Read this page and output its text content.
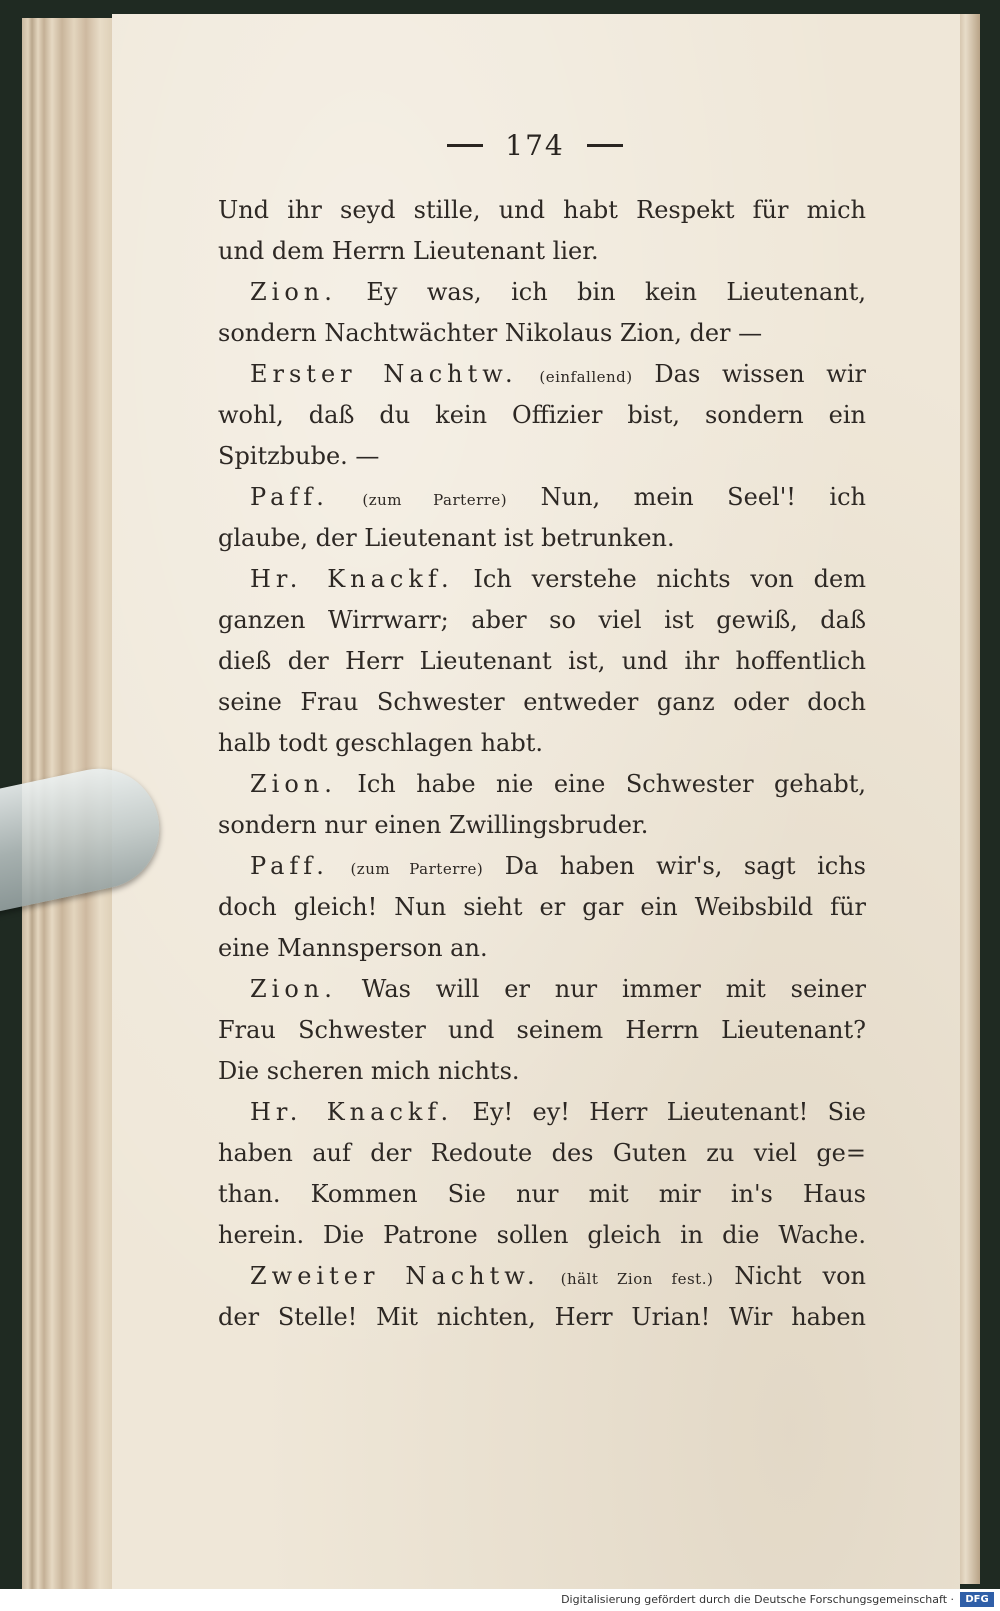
174
Und ihr seyd stille, und habt Respekt für mich
und dem Herrn Lieutenant lier.
Zion. Ey was, ich bin kein Lieutenant,
sondern Nachtwächter Nikolaus Zion, der —
Erster Nachtw. (einfallend) Das wissen wir
wohl, daß du kein Offizier bist, sondern ein
Spitzbube. —
Paff. (zum Parterre) Nun, mein Seel'! ich
glaube, der Lieutenant ist betrunken.
Hr. Knackf. Ich verstehe nichts von dem
ganzen Wirrwarr; aber so viel ist gewiß, daß
dieß der Herr Lieutenant ist, und ihr hoffentlich
seine Frau Schwester entweder ganz oder doch
halb todt geschlagen habt.
Zion. Ich habe nie eine Schwester gehabt,
sondern nur einen Zwillingsbruder.
Paff. (zum Parterre) Da haben wir's, sagt ichs
doch gleich! Nun sieht er gar ein Weibsbild für
eine Mannsperson an.
Zion. Was will er nur immer mit seiner
Frau Schwester und seinem Herrn Lieutenant?
Die scheren mich nichts.
Hr. Knackf. Ey! ey! Herr Lieutenant! Sie
haben auf der Redoute des Guten zu viel ge=
than. Kommen Sie nur mit mir in's Haus
herein. Die Patrone sollen gleich in die Wache.
Zweiter Nachtw. (hält Zion fest.) Nicht von
der Stelle! Mit nichten, Herr Urian! Wir haben
Digitalisierung gefördert durch die Deutsche Forschungsgemeinschaft ·	DFG
